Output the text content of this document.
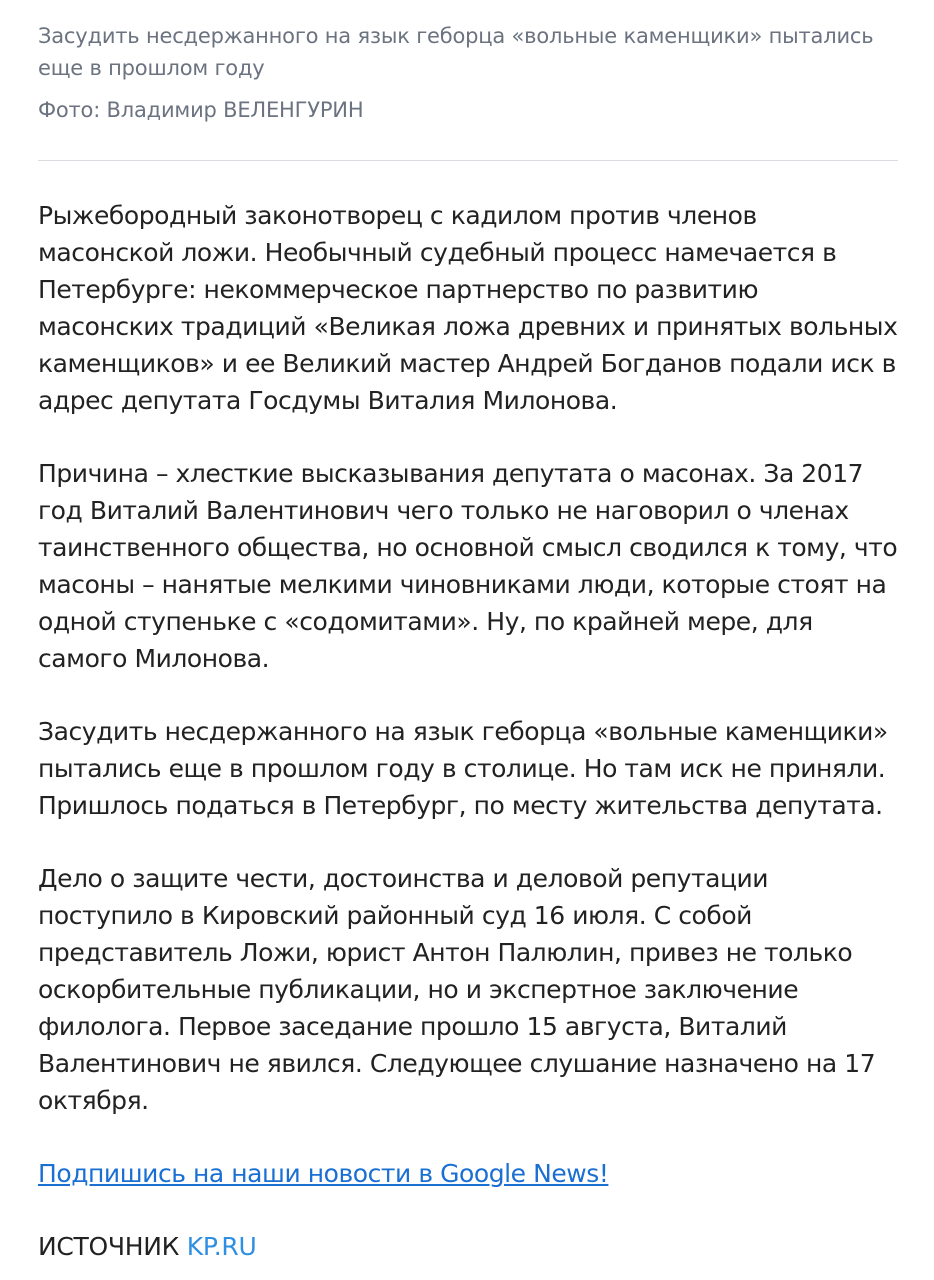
Засудить несдержанного на язык геборца «вольные каменщики» пытались еще в прошлом году

Фото: Владимир ВЕЛЕНГУРИН

Рыжебородный законотворец с кадилом против членов масонской ложи. Необычный судебный процесс намечается в Петербурге: некоммерческое партнерство по развитию масонских традиций «Великая ложа древних и принятых вольных каменщиков» и ее Великий мастер Андрей Богданов подали иск в адрес депутата Госдумы Виталия Милонова.

Причина – хлесткие высказывания депутата о масонах. За 2017 год Виталий Валентинович чего только не наговорил о членах таинственного общества, но основной смысл сводился к тому, что масоны – нанятые мелкими чиновниками люди, которые стоят на одной ступеньке с «содомитами». Ну, по крайней мере, для самого Милонова.

Засудить несдержанного на язык геборца «вольные каменщики» пытались еще в прошлом году в столице. Но там иск не приняли. Пришлось податься в Петербург, по месту жительства депутата.

Дело о защите чести, достоинства и деловой репутации поступило в Кировский районный суд 16 июля. С собой представитель Ложи, юрист Антон Палюлин, привез не только оскорбительные публикации, но и экспертное заключение филолога. Первое заседание прошло 15 августа, Виталий Валентинович не явился. Следующее слушание назначено на 17 октября.

Подпишись на наши новости в Google News!
ИСТОЧНИК KP.RU
